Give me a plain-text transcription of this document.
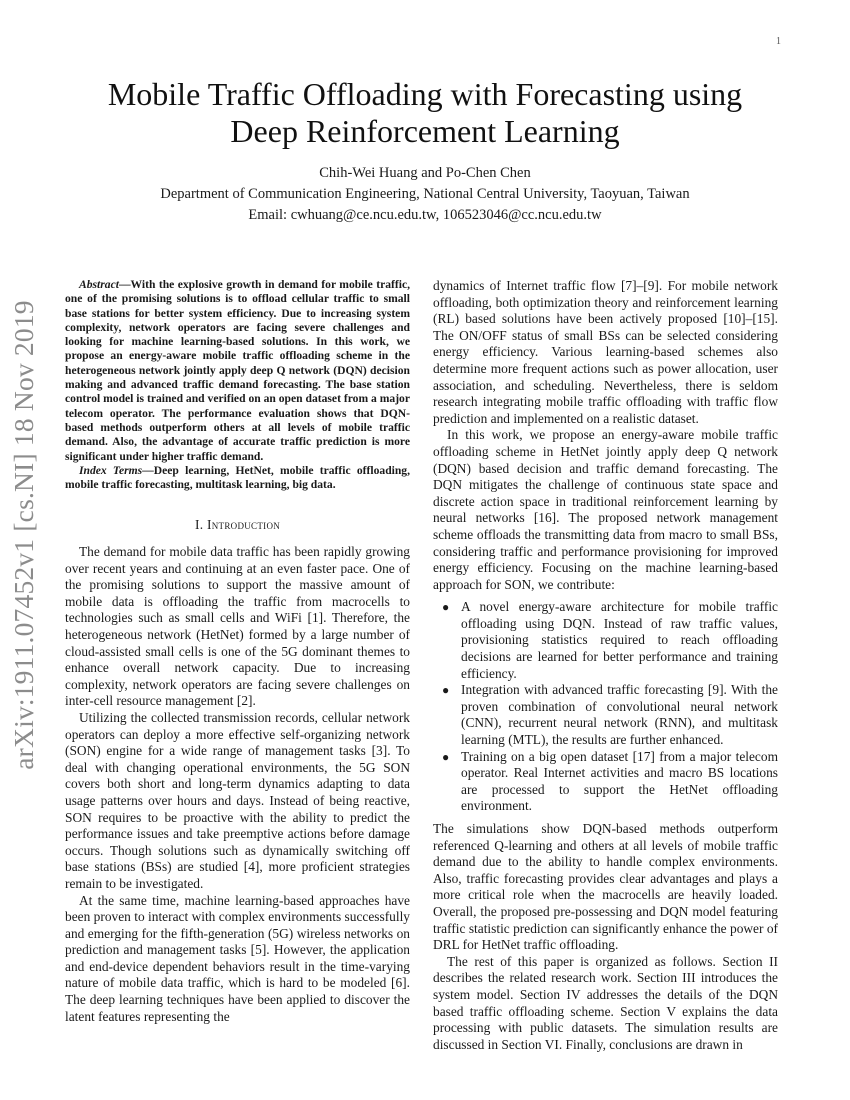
1
arXiv:1911.07452v1 [cs.NI] 18 Nov 2019
Mobile Traffic Offloading with Forecasting using
Deep Reinforcement Learning
Chih-Wei Huang and Po-Chen Chen
Department of Communication Engineering, National Central University, Taoyuan, Taiwan
Email: cwhuang@ce.ncu.edu.tw, 106523046@cc.ncu.edu.tw

Abstract—With the explosive growth in demand for mobile traffic, one of the promising solutions is to offload cellular traffic to small base stations for better system efficiency. Due to increasing system complexity, network operators are facing severe challenges and looking for machine learning-based solutions. In this work, we propose an energy-aware mobile traffic offloading scheme in the heterogeneous network jointly apply deep Q network (DQN) decision making and advanced traffic demand forecasting. The base station control model is trained and verified on an open dataset from a major telecom operator. The performance evaluation shows that DQN-based methods outperform others at all levels of mobile traffic demand. Also, the advantage of accurate traffic prediction is more significant under higher traffic demand.

Index Terms—Deep learning, HetNet, mobile traffic offloading, mobile traffic forecasting, multitask learning, big data.

I. Introduction

The demand for mobile data traffic has been rapidly growing over recent years and continuing at an even faster pace. One of the promising solutions to support the massive amount of mobile data is offloading the traffic from macrocells to technologies such as small cells and WiFi [1]. Therefore, the heterogeneous network (HetNet) formed by a large number of cloud-assisted small cells is one of the 5G dominant themes to enhance overall network capacity. Due to increasing complexity, network operators are facing severe challenges on inter-cell resource management [2].

Utilizing the collected transmission records, cellular network operators can deploy a more effective self-organizing network (SON) engine for a wide range of management tasks [3]. To deal with changing operational environments, the 5G SON covers both short and long-term dynamics adapting to data usage patterns over hours and days. Instead of being reactive, SON requires to be proactive with the ability to predict the performance issues and take preemptive actions before damage occurs. Though solutions such as dynamically switching off base stations (BSs) are studied [4], more proficient strategies remain to be investigated.

At the same time, machine learning-based approaches have been proven to interact with complex environments successfully and emerging for the fifth-generation (5G) wireless networks on prediction and management tasks [5]. However, the application and end-device dependent behaviors result in the time-varying nature of mobile data traffic, which is hard to be modeled [6]. The deep learning techniques have been applied to discover the latent features representing the

dynamics of Internet traffic flow [7]–[9]. For mobile network offloading, both optimization theory and reinforcement learning (RL) based solutions have been actively proposed [10]–[15]. The ON/OFF status of small BSs can be selected considering energy efficiency. Various learning-based schemes also determine more frequent actions such as power allocation, user association, and scheduling. Nevertheless, there is seldom research integrating mobile traffic offloading with traffic flow prediction and implemented on a realistic dataset.

In this work, we propose an energy-aware mobile traffic offloading scheme in HetNet jointly apply deep Q network (DQN) based decision and traffic demand forecasting. The DQN mitigates the challenge of continuous state space and discrete action space in traditional reinforcement learning by neural networks [16]. The proposed network management scheme offloads the transmitting data from macro to small BSs, considering traffic and performance provisioning for improved energy efficiency. Focusing on the machine learning-based approach for SON, we contribute:

● A novel energy-aware architecture for mobile traffic offloading using DQN. Instead of raw traffic values, provisioning statistics required to reach offloading decisions are learned for better performance and training efficiency.
● Integration with advanced traffic forecasting [9]. With the proven combination of convolutional neural network (CNN), recurrent neural network (RNN), and multitask learning (MTL), the results are further enhanced.
● Training on a big open dataset [17] from a major telecom operator. Real Internet activities and macro BS locations are processed to support the HetNet offloading environment.

The simulations show DQN-based methods outperform referenced Q-learning and others at all levels of mobile traffic demand due to the ability to handle complex environments. Also, traffic forecasting provides clear advantages and plays a more critical role when the macrocells are heavily loaded. Overall, the proposed pre-possessing and DQN model featuring traffic statistic prediction can significantly enhance the power of DRL for HetNet traffic offloading.

The rest of this paper is organized as follows. Section II describes the related research work. Section III introduces the system model. Section IV addresses the details of the DQN based traffic offloading scheme. Section V explains the data processing with public datasets. The simulation results are discussed in Section VI. Finally, conclusions are drawn in
